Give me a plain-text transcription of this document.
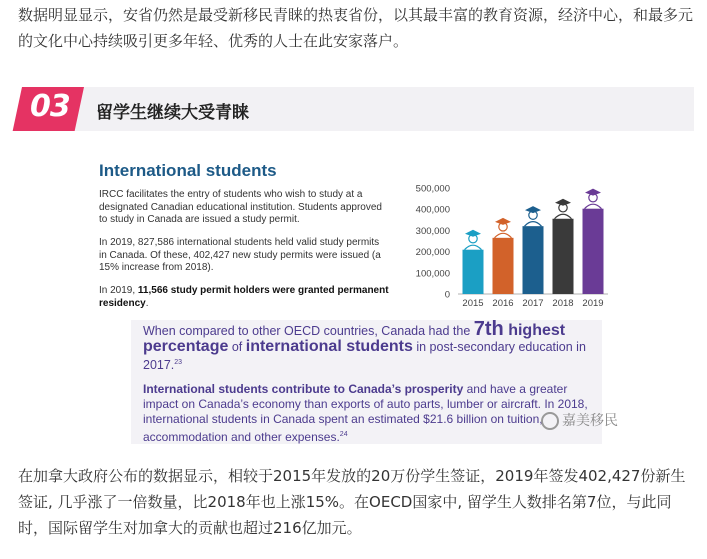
数据明显显示，安省仍然是最受新移民青睐的热衷省份，以其最丰富的教育资源，经济中心，和最多元的文化中心持续吸引更多年轻、优秀的人士在此安家落户。
03 留学生继续大受青睐
International students
IRCC facilitates the entry of students who wish to study at a designated Canadian educational institution. Students approved to study in Canada are issued a study permit.
In 2019, 827,586 international students held valid study permits in Canada. Of these, 402,427 new study permits were issued (a 15% increase from 2018).
In 2019, 11,566 study permit holders were granted permanent residency.
0
100,000
200,000
300,000
400,000
500,000
2015 2016 2017 2018 2019
When compared to other OECD countries, Canada had the 7th highest
percentage of international students in post-secondary education in 2017.23
International students contribute to Canada’s prosperity and have a greater impact on Canada’s economy than exports of auto parts, lumber or aircraft. In 2018, international students in Canada spent an estimated $21.6 billion on tuition, accommodation and other expenses.$^{24}$
嘉美移民
在加拿大政府公布的数据显示，相较于2015年发放的20万份学生签证，2019年签发402,427份新生签证, 几乎涨了一倍数量，比2018年也上涨15%。在OECD国家中, 留学生人数排名第7位，与此同时，国际留学生对加拿大的贡献也超过216亿加元。
